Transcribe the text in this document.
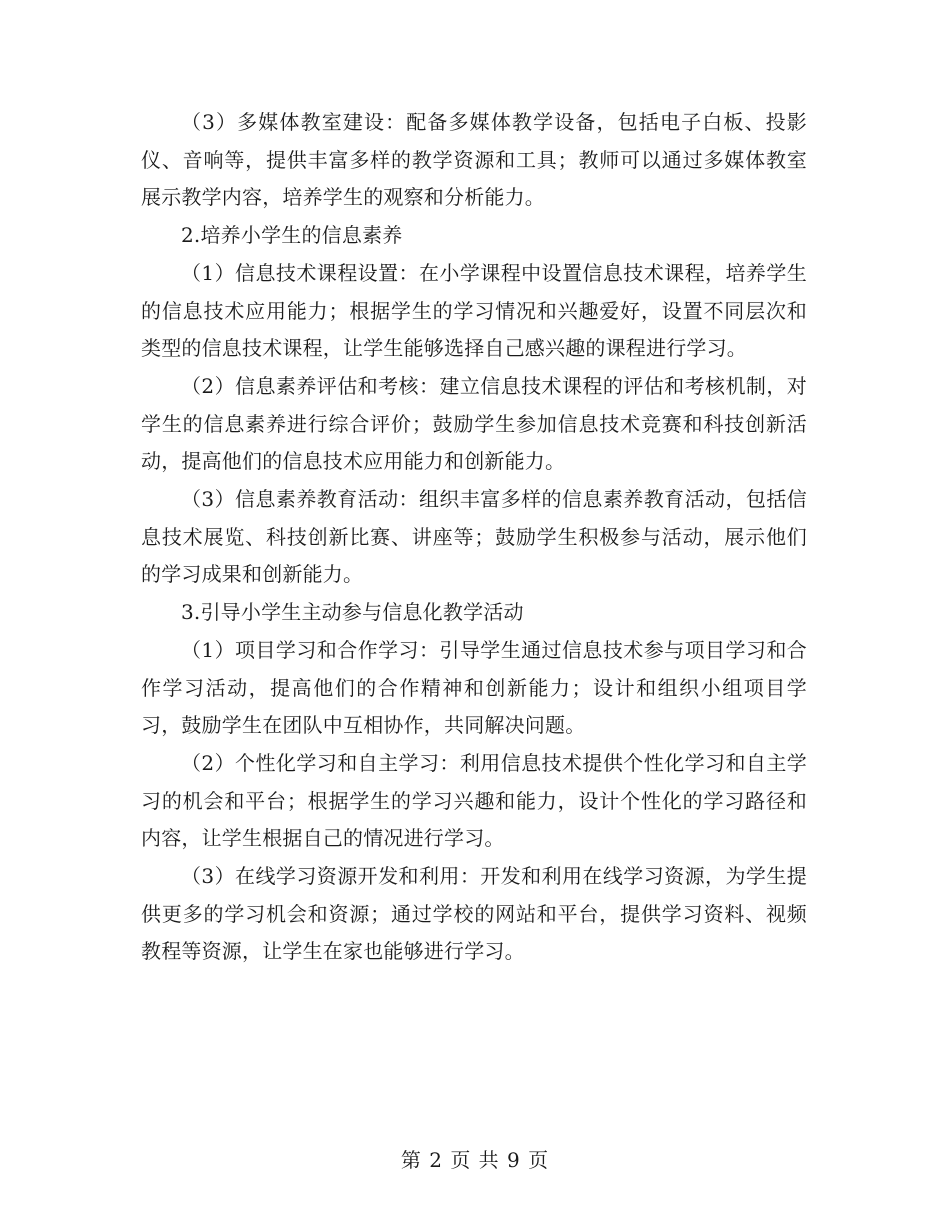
（3）多媒体教室建设：配备多媒体教学设备，包括电子白板、投影仪、音响等，提供丰富多样的教学资源和工具；教师可以通过多媒体教室展示教学内容，培养学生的观察和分析能力。

2.培养小学生的信息素养

（1）信息技术课程设置：在小学课程中设置信息技术课程，培养学生的信息技术应用能力；根据学生的学习情况和兴趣爱好，设置不同层次和类型的信息技术课程，让学生能够选择自己感兴趣的课程进行学习。

（2）信息素养评估和考核：建立信息技术课程的评估和考核机制，对学生的信息素养进行综合评价；鼓励学生参加信息技术竞赛和科技创新活动，提高他们的信息技术应用能力和创新能力。

（3）信息素养教育活动：组织丰富多样的信息素养教育活动，包括信息技术展览、科技创新比赛、讲座等；鼓励学生积极参与活动，展示他们的学习成果和创新能力。

3.引导小学生主动参与信息化教学活动

（1）项目学习和合作学习：引导学生通过信息技术参与项目学习和合作学习活动，提高他们的合作精神和创新能力；设计和组织小组项目学习，鼓励学生在团队中互相协作，共同解决问题。

（2）个性化学习和自主学习：利用信息技术提供个性化学习和自主学习的机会和平台；根据学生的学习兴趣和能力，设计个性化的学习路径和内容，让学生根据自己的情况进行学习。

（3）在线学习资源开发和利用：开发和利用在线学习资源，为学生提供更多的学习机会和资源；通过学校的网站和平台，提供学习资料、视频教程等资源，让学生在家也能够进行学习。

第 2 页 共 9 页
